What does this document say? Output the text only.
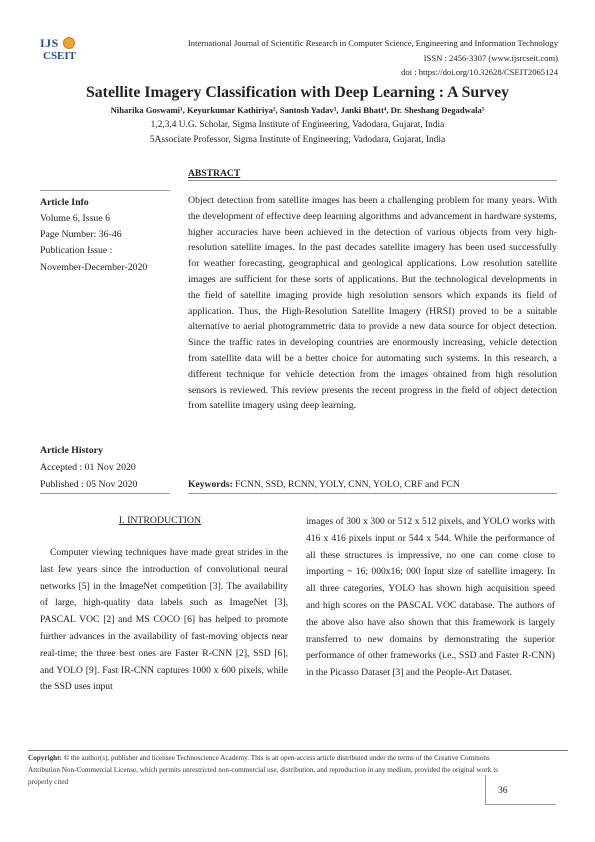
IJS
CSEIT
International Journal of Scientific Research in Computer Science, Engineering and Information Technology
ISSN : 2456-3307 (www.ijsrcseit.com)
doi : https://doi.org/10.32628/CSEIT2065124
Satellite Imagery Classification with Deep Learning : A Survey
Niharika Goswami¹, Keyurkumar Kathiriya², Santosh Yadav³, Janki Bhatt⁴, Dr. Sheshang Degadwala⁵
1,2,3,4 U.G. Scholar, Sigma Institute of Engineering, Vadodara, Gujarat, India
5Associate Professor, Sigma Institute of Engineering, Vadodara, Gujarat, India
ABSTRACT
Article Info
Volume 6, Issue 6
Page Number: 36-46
Publication Issue :
November-December-2020
Article History
Accepted : 01 Nov 2020
Published : 05 Nov 2020
Object detection from satellite images has been a challenging problem for many years. With the development of effective deep learning algorithms and advancement in hardware systems, higher accuracies have been achieved in the detection of various objects from very high-resolution satellite images. In the past decades satellite imagery has been used successfully for weather forecasting, geographical and geological applications. Low resolution satellite images are sufficient for these sorts of applications. But the technological developments in the field of satellite imaging provide high resolution sensors which expands its field of application. Thus, the High-Resolution Satellite Imagery (HRSI) proved to be a suitable alternative to aerial photogrammetric data to provide a new data source for object detection. Since the traffic rates in developing countries are enormously increasing, vehicle detection from satellite data will be a better choice for automating such systems. In this research, a different technique for vehicle detection from the images obtained from high resolution sensors is reviewed. This review presents the recent progress in the field of object detection from satellite imagery using deep learning.
Keywords: FCNN, SSD, RCNN, YOLY, CNN, YOLO, CRF and FCN
I. INTRODUCTION
Computer viewing techniques have made great strides in the last few years since the introduction of convolutional neural networks [5] in the ImageNet competition [3]. The availability of large, high-quality data labels such as ImageNet [3], PASCAL VOC [2] and MS COCO [6] has helped to promote further advances in the availability of fast-moving objects near real-time; the three best ones are Faster R-CNN [2], SSD [6], and YOLO [9]. Fast IR-CNN captures 1000 x 600 pixels, while the SSD uses input
images of 300 x 300 or 512 x 512 pixels, and YOLO works with 416 x 416 pixels input or 544 x 544. While the performance of all these structures is impressive, no one can come close to importing ~ 16; 000x16; 000 Input size of satellite imagery. In all three categories, YOLO has shown high acquisition speed and high scores on the PASCAL VOC database. The authors of the above also have also shown that this framework is largely transferred to new domains by demonstrating the superior performance of other frameworks (i.e., SSD and Faster R-CNN) in the Picasso Dataset [3] and the People-Art Dataset.
Copyright: © the author(s), publisher and licensee Technoscience Academy. This is an open-access article distributed under the terms of the Creative Commons Attribution Non-Commercial License, which permits unrestricted non-commercial use, distribution, and reproduction in any medium, provided the original work is properly cited
36
